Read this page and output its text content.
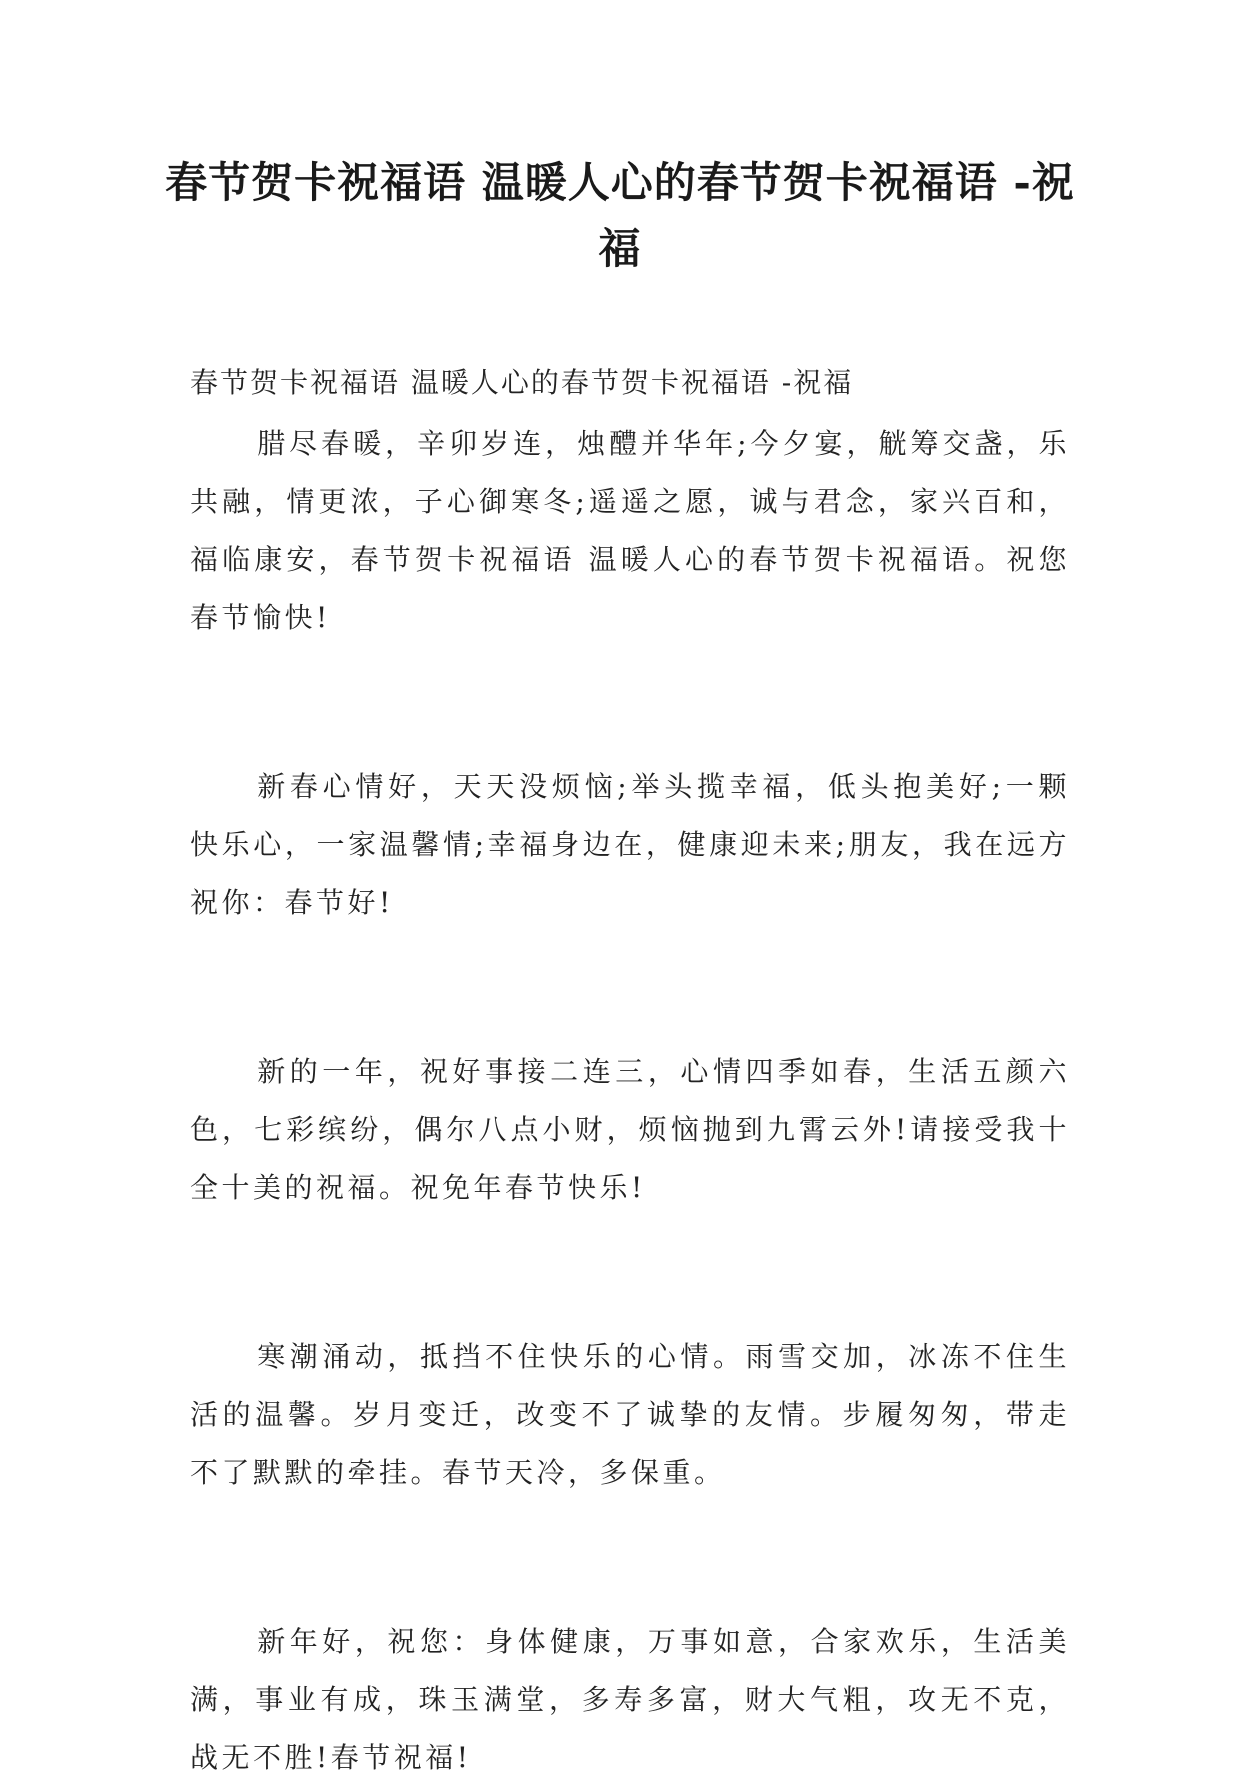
春节贺卡祝福语 温暖人心的春节贺卡祝福语 -祝福

春节贺卡祝福语 温暖人心的春节贺卡祝福语 -祝福

腊尽春暖，辛卯岁连，烛醴并华年;今夕宴，觥筹交盏，乐共融，情更浓，子心御寒冬;遥遥之愿，诚与君念，家兴百和，福临康安，春节贺卡祝福语 温暖人心的春节贺卡祝福语。祝您春节愉快!

新春心情好，天天没烦恼;举头揽幸福，低头抱美好;一颗快乐心，一家温馨情;幸福身边在，健康迎未来;朋友，我在远方祝你：春节好!

新的一年，祝好事接二连三，心情四季如春，生活五颜六色，七彩缤纷，偶尔八点小财，烦恼抛到九霄云外!请接受我十全十美的祝福。祝免年春节快乐!

寒潮涌动，抵挡不住快乐的心情。雨雪交加，冰冻不住生活的温馨。岁月变迁，改变不了诚挚的友情。步履匆匆，带走不了默默的牵挂。春节天冷，多保重。

新年好，祝您：身体健康，万事如意，合家欢乐，生活美满，事业有成，珠玉满堂，多寿多富，财大气粗，攻无不克，战无不胜!春节祝福!
